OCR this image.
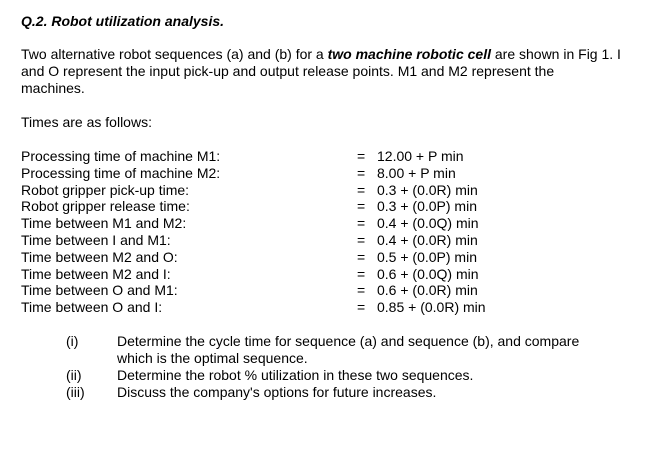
Q.2. Robot utilization analysis.
Two alternative robot sequences (a) and (b) for a two machine robotic cell are shown in Fig 1. I and O represent the input pick-up and output release points. M1 and M2 represent the machines.
Times are as follows:
Processing time of machine M1:	= 12.00 + P min
Processing time of machine M2:	= 8.00 + P min
Robot gripper pick-up time:	= 0.3 + (0.0R) min
Robot gripper release time:	= 0.3 + (0.0P) min
Time between M1 and M2:	= 0.4 + (0.0Q) min
Time between I and M1:	= 0.4 + (0.0R) min
Time between M2 and O:	= 0.5 + (0.0P) min
Time between M2 and I:	= 0.6 + (0.0Q) min
Time between O and M1:	= 0.6 + (0.0R) min
Time between O and I:	= 0.85 + (0.0R) min
(i)	Determine the cycle time for sequence (a) and sequence (b), and compare which is the optimal sequence.
(ii)	Determine the robot % utilization in these two sequences.
(iii) Discuss the company's options for future increases.
